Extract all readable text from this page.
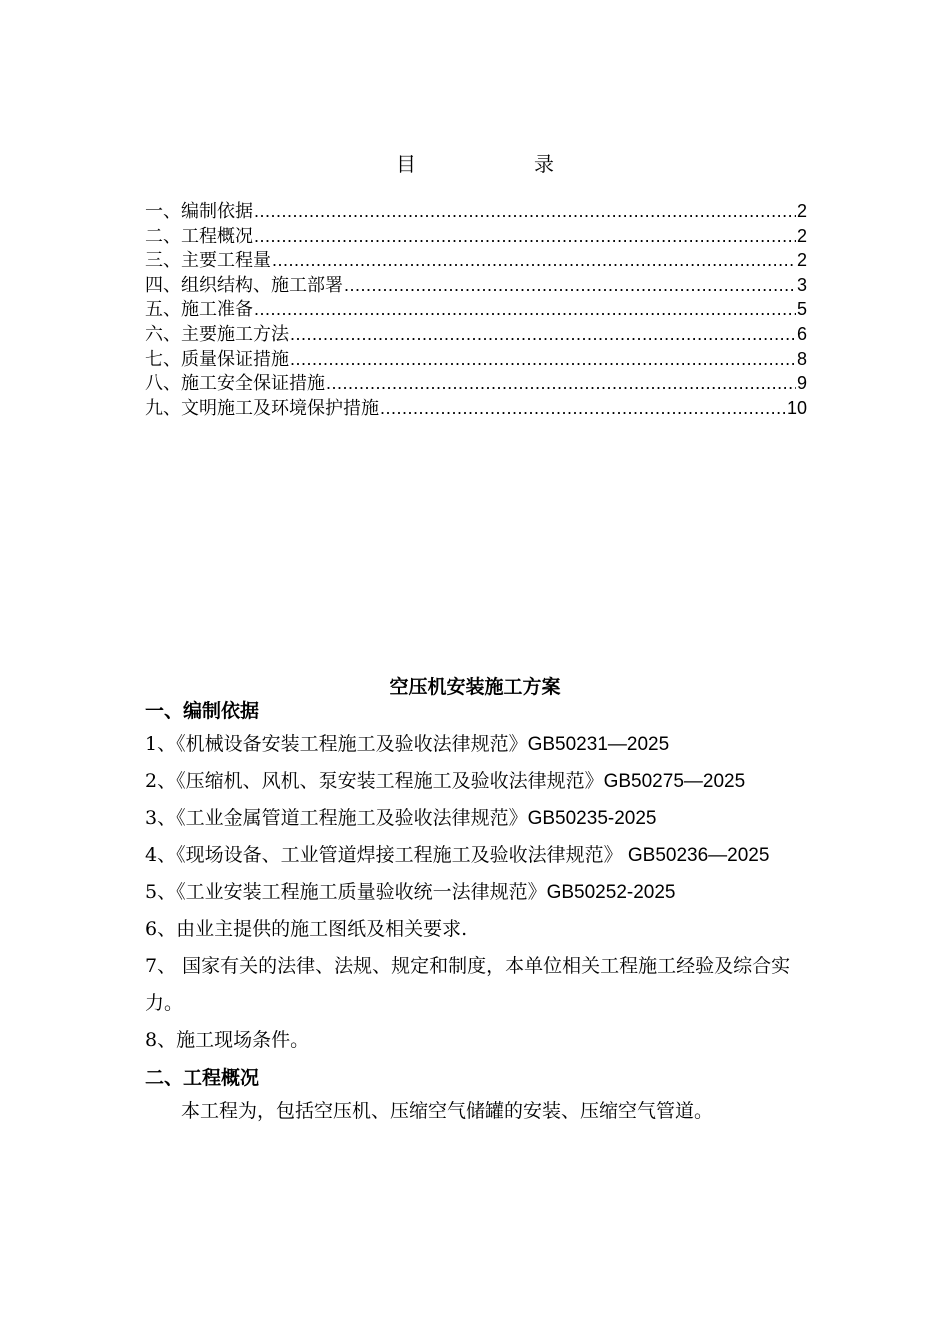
目	录
一、编制依据 .....	2
二、工程概况 .....	2
三、主要工程量 .....	2
四、组织结构、施工部署 .....	3
五、施工准备 .....	5
六、主要施工方法 .....	6
七、质量保证措施 .....	8
八、施工安全保证措施 .....	9
九、文明施工及环境保护措施 .....	10
空压机安装施工方案
一、编制依据
1、《机械设备安装工程施工及验收法律规范》GB50231—2025
2、《压缩机、风机、泵安装工程施工及验收法律规范》GB50275—2025
3、《工业金属管道工程施工及验收法律规范》GB50235-2025
4、《现场设备、工业管道焊接工程施工及验收法律规范》 GB50236—2025
5、《工业安装工程施工质量验收统一法律规范》GB50252-2025
6、由业主提供的施工图纸及相关要求.
7、 国家有关的法律、法规、规定和制度，本单位相关工程施工经验及综合实力。
8、施工现场条件。
二、工程概况
本工程为，包括空压机、压缩空气储罐的安装、压缩空气管道。
